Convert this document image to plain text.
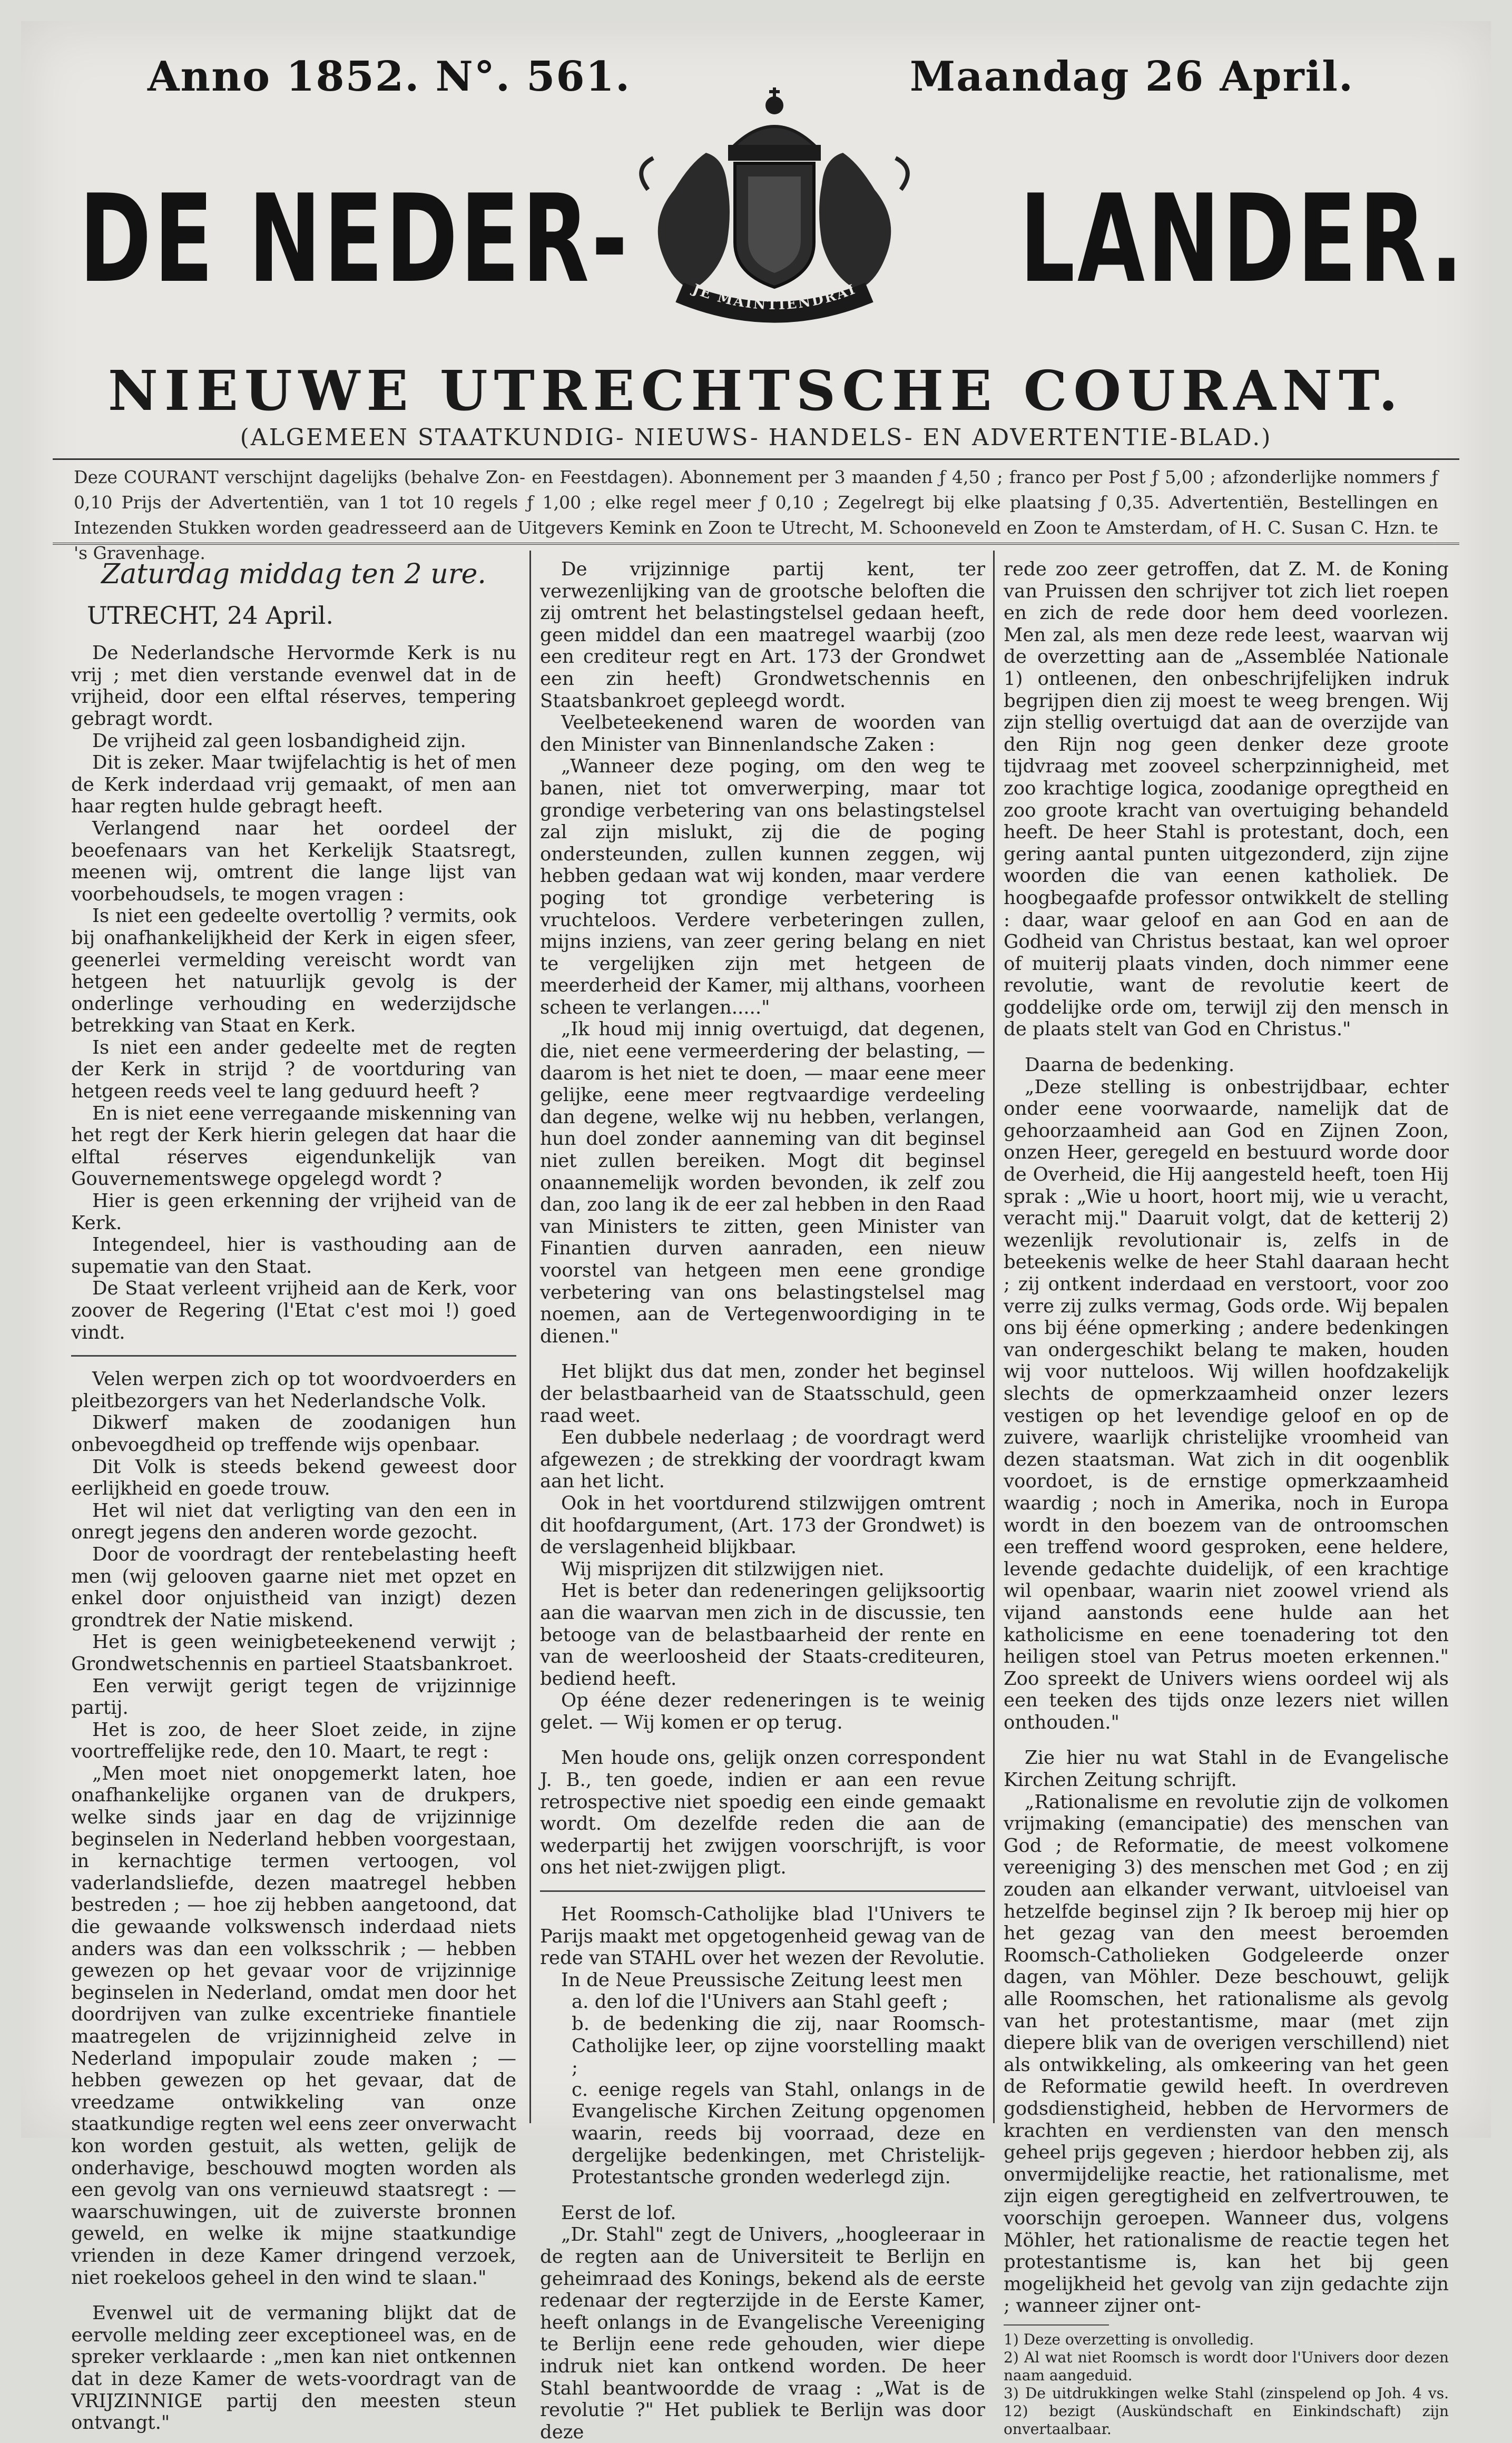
Anno 1852. N°. 561.	Maandag 26 April.
DE NEDER-	LANDER.
JE MAINTIENDRAI
NIEUWE UTRECHTSCHE COURANT.
(ALGEMEEN STAATKUNDIG- NIEUWS- HANDELS- EN ADVERTENTIE-BLAD.)
Deze COURANT verschijnt dagelijks (behalve Zon- en Feestdagen). Abonnement per 3 maanden ƒ 4,50 ; franco per Post ƒ 5,00 ; afzonderlijke nommers ƒ 0,10 Prijs der Advertentiën, van 1 tot 10 regels ƒ 1,00 ; elke regel meer ƒ 0,10 ; Zegelregt bij elke plaatsing ƒ 0,35. Advertentiën, Bestellingen en Intezenden Stukken worden geadresseerd aan de Uitgevers Kemink en Zoon te Utrecht, M. Schooneveld en Zoon te Amsterdam, of H. C. Susan C. Hzn. te 's Gravenhage.

Zaturdag middag ten 2 ure.

UTRECHT, 24 April.

De Nederlandsche Hervormde Kerk is nu vrij ; met dien verstande evenwel dat in de vrijheid, door een elftal réserves, tempering gebragt wordt.

De vrijheid zal geen losbandigheid zijn.

Dit is zeker. Maar twijfelachtig is het of men de Kerk inderdaad vrij gemaakt, of men aan haar regten hulde gebragt heeft.

Verlangend naar het oordeel der beoefenaars van het Kerkelijk Staatsregt, meenen wij, omtrent die lange lijst van voorbehoudsels, te mogen vragen :

Is niet een gedeelte overtollig ? vermits, ook bij onafhankelijkheid der Kerk in eigen sfeer, geenerlei vermelding vereischt wordt van hetgeen het natuurlijk gevolg is der onderlinge verhouding en wederzijdsche betrekking van Staat en Kerk.

Is niet een ander gedeelte met de regten der Kerk in strijd ? de voortduring van hetgeen reeds veel te lang geduurd heeft ?

En is niet eene verregaande miskenning van het regt der Kerk hierin gelegen dat haar die elftal réserves eigendunkelijk van Gouvernementswege opgelegd wordt ?

Hier is geen erkenning der vrijheid van de Kerk.

Integendeel, hier is vasthouding aan de supematie van den Staat.

De Staat verleent vrijheid aan de Kerk, voor zoover de Regering (l'Etat c'est moi !) goed vindt.

Velen werpen zich op tot woordvoerders en pleitbezorgers van het Nederlandsche Volk.

Dikwerf maken de zoodanigen hun onbevoegdheid op treffende wijs openbaar.

Dit Volk is steeds bekend geweest door eerlijkheid en goede trouw.

Het wil niet dat verligting van den een in onregt jegens den anderen worde gezocht.

Door de voordragt der rentebelasting heeft men (wij gelooven gaarne niet met opzet en enkel door onjuistheid van inzigt) dezen grondtrek der Natie miskend.

Het is geen weinigbeteekenend verwijt ; Grondwetschennis en partieel Staatsbankroet.

Een verwijt gerigt tegen de vrijzinnige partij.

Het is zoo, de heer Sloet zeide, in zijne voortreffelijke rede, den 10. Maart, te regt :

„Men moet niet onopgemerkt laten, hoe onafhankelijke organen van de drukpers, welke sinds jaar en dag de vrijzinnige beginselen in Nederland hebben voorgestaan, in kernachtige termen vertoogen, vol vaderlandsliefde, dezen maatregel hebben bestreden ; — hoe zij hebben aangetoond, dat die gewaande volkswensch inderdaad niets anders was dan een volksschrik ; — hebben gewezen op het gevaar voor de vrijzinnige beginselen in Nederland, omdat men door het doordrijven van zulke excentrieke finantiele maatregelen de vrijzinnigheid zelve in Nederland impopulair zoude maken ; — hebben gewezen op het gevaar, dat de vreedzame ontwikkeling van onze staatkundige regten wel eens zeer onverwacht kon worden gestuit, als wetten, gelijk de onderhavige, beschouwd mogten worden als een gevolg van ons vernieuwd staatsregt : — waarschuwingen, uit de zuiverste bronnen geweld, en welke ik mijne staatkundige vrienden in deze Kamer dringend verzoek, niet roekeloos geheel in den wind te slaan."

Evenwel uit de vermaning blijkt dat de eervolle melding zeer exceptioneel was, en de spreker verklaarde : „men kan niet ontkennen dat in deze Kamer de wets-voordragt van de VRIJZINNIGE partij den meesten steun ontvangt."

De vrijzinnige partij kent, ter verwezenlijking van de grootsche beloften die zij omtrent het belastingstelsel gedaan heeft, geen middel dan een maatregel waarbij (zoo een crediteur regt en Art. 173 der Grondwet een zin heeft) Grondwetschennis en Staatsbankroet gepleegd wordt.

Veelbeteekenend waren de woorden van den Minister van Binnenlandsche Zaken :

„Wanneer deze poging, om den weg te banen, niet tot omverwerping, maar tot grondige verbetering van ons belastingstelsel zal zijn mislukt, zij die de poging ondersteunden, zullen kunnen zeggen, wij hebben gedaan wat wij konden, maar verdere poging tot grondige verbetering is vruchteloos. Verdere verbeteringen zullen, mijns inziens, van zeer gering belang en niet te vergelijken zijn met hetgeen de meerderheid der Kamer, mij althans, voorheen scheen te verlangen....."

„Ik houd mij innig overtuigd, dat degenen, die, niet eene vermeerdering der belasting, — daarom is het niet te doen, — maar eene meer gelijke, eene meer regtvaardige verdeeling dan degene, welke wij nu hebben, verlangen, hun doel zonder aanneming van dit beginsel niet zullen bereiken. Mogt dit beginsel onaannemelijk worden bevonden, ik zelf zou dan, zoo lang ik de eer zal hebben in den Raad van Ministers te zitten, geen Minister van Finantien durven aanraden, een nieuw voorstel van hetgeen men eene grondige verbetering van ons belastingstelsel mag noemen, aan de Vertegenwoordiging in te dienen."

Het blijkt dus dat men, zonder het beginsel der belastbaarheid van de Staatsschuld, geen raad weet.

Een dubbele nederlaag ; de voordragt werd afgewezen ; de strekking der voordragt kwam aan het licht.

Ook in het voortdurend stilzwijgen omtrent dit hoofdargument, (Art. 173 der Grondwet) is de verslagenheid blijkbaar.

Wij misprijzen dit stilzwijgen niet.

Het is beter dan redeneringen gelijksoortig aan die waarvan men zich in de discussie, ten betooge van de belastbaarheid der rente en van de weerloosheid der Staats-crediteuren, bediend heeft.

Op ééne dezer redeneringen is te weinig gelet. — Wij komen er op terug.

Men houde ons, gelijk onzen correspondent J. B., ten goede, indien er aan een revue retrospective niet spoedig een einde gemaakt wordt. Om dezelfde reden die aan de wederpartij het zwijgen voorschrijft, is voor ons het niet-zwijgen pligt.

Het Roomsch-Catholijke blad l'Univers te Parijs maakt met opgetogenheid gewag van de rede van STAHL over het wezen der Revolutie.

In de Neue Preussische Zeitung leest men

a. den lof die l'Univers aan Stahl geeft ;

b. de bedenking die zij, naar Roomsch-Catholijke leer, op zijne voorstelling maakt ;

c. eenige regels van Stahl, onlangs in de Evangelische Kirchen Zeitung opgenomen waarin, reeds bij voorraad, deze en dergelijke bedenkingen, met Christelijk-Protestantsche gronden wederlegd zijn.

Eerst de lof.

„Dr. Stahl" zegt de Univers, „hoogleeraar in de regten aan de Universiteit te Berlijn en geheimraad des Konings, bekend als de eerste redenaar der regterzijde in de Eerste Kamer, heeft onlangs in de Evangelische Vereeniging te Berlijn eene rede gehouden, wier diepe indruk niet kan ontkend worden. De heer Stahl beantwoordde de vraag : „Wat is de revolutie ?" Het publiek te Berlijn was door deze

rede zoo zeer getroffen, dat Z. M. de Koning van Pruissen den schrijver tot zich liet roepen en zich de rede door hem deed voorlezen. Men zal, als men deze rede leest, waarvan wij de overzetting aan de „Assemblée Nationale 1) ontleenen, den onbeschrijfelijken indruk begrijpen dien zij moest te weeg brengen. Wij zijn stellig overtuigd dat aan de overzijde van den Rijn nog geen denker deze groote tijdvraag met zooveel scherpzinnigheid, met zoo krachtige logica, zoodanige opregtheid en zoo groote kracht van overtuiging behandeld heeft. De heer Stahl is protestant, doch, een gering aantal punten uitgezonderd, zijn zijne woorden die van eenen katholiek. De hoogbegaafde professor ontwikkelt de stelling : daar, waar geloof en aan God en aan de Godheid van Christus bestaat, kan wel oproer of muiterij plaats vinden, doch nimmer eene revolutie, want de revolutie keert de goddelijke orde om, terwijl zij den mensch in de plaats stelt van God en Christus."

Daarna de bedenking.

„Deze stelling is onbestrijdbaar, echter onder eene voorwaarde, namelijk dat de gehoorzaamheid aan God en Zijnen Zoon, onzen Heer, geregeld en bestuurd worde door de Overheid, die Hij aangesteld heeft, toen Hij sprak : „Wie u hoort, hoort mij, wie u veracht, veracht mij." Daaruit volgt, dat de ketterij 2) wezenlijk revolutionair is, zelfs in de beteekenis welke de heer Stahl daaraan hecht ; zij ontkent inderdaad en verstoort, voor zoo verre zij zulks vermag, Gods orde. Wij bepalen ons bij ééne opmerking ; andere bedenkingen van ondergeschikt belang te maken, houden wij voor nutteloos. Wij willen hoofdzakelijk slechts de opmerkzaamheid onzer lezers vestigen op het levendige geloof en op de zuivere, waarlijk christelijke vroomheid van dezen staatsman. Wat zich in dit oogenblik voordoet, is de ernstige opmerkzaamheid waardig ; noch in Amerika, noch in Europa wordt in den boezem van de ontroomschen een treffend woord gesproken, eene heldere, levende gedachte duidelijk, of een krachtige wil openbaar, waarin niet zoowel vriend als vijand aanstonds eene hulde aan het katholicisme en eene toenadering tot den heiligen stoel van Petrus moeten erkennen." Zoo spreekt de Univers wiens oordeel wij als een teeken des tijds onze lezers niet willen onthouden."

Zie hier nu wat Stahl in de Evangelische Kirchen Zeitung schrijft.

„Rationalisme en revolutie zijn de volkomen vrijmaking (emancipatie) des menschen van God ; de Reformatie, de meest volkomene vereeniging 3) des menschen met God ; en zij zouden aan elkander verwant, uitvloeisel van hetzelfde beginsel zijn ? Ik beroep mij hier op het gezag van den meest beroemden Roomsch-Catholieken Godgeleerde onzer dagen, van Möhler. Deze beschouwt, gelijk alle Roomschen, het rationalisme als gevolg van het protestantisme, maar (met zijn diepere blik van de overigen verschillend) niet als ontwikkeling, als omkeering van het geen de Reformatie gewild heeft. In overdreven godsdienstigheid, hebben de Hervormers de krachten en verdiensten van den mensch geheel prijs gegeven ; hierdoor hebben zij, als onvermijdelijke reactie, het rationalisme, met zijn eigen geregtigheid en zelfvertrouwen, te voorschijn geroepen. Wanneer dus, volgens Möhler, het rationalisme de reactie tegen het protestantisme is, kan het bij geen mogelijkheid het gevolg van zijn gedachte zijn ; wanneer zijner ont-

1) Deze overzetting is onvolledig.

2) Al wat niet Roomsch is wordt door l'Univers door dezen naam aangeduid.

3) De uitdrukkingen welke Stahl (zinspelend op Joh. 4 vs. 12) bezigt (Auskündschaft en Einkindschaft) zijn onvertaalbaar.
